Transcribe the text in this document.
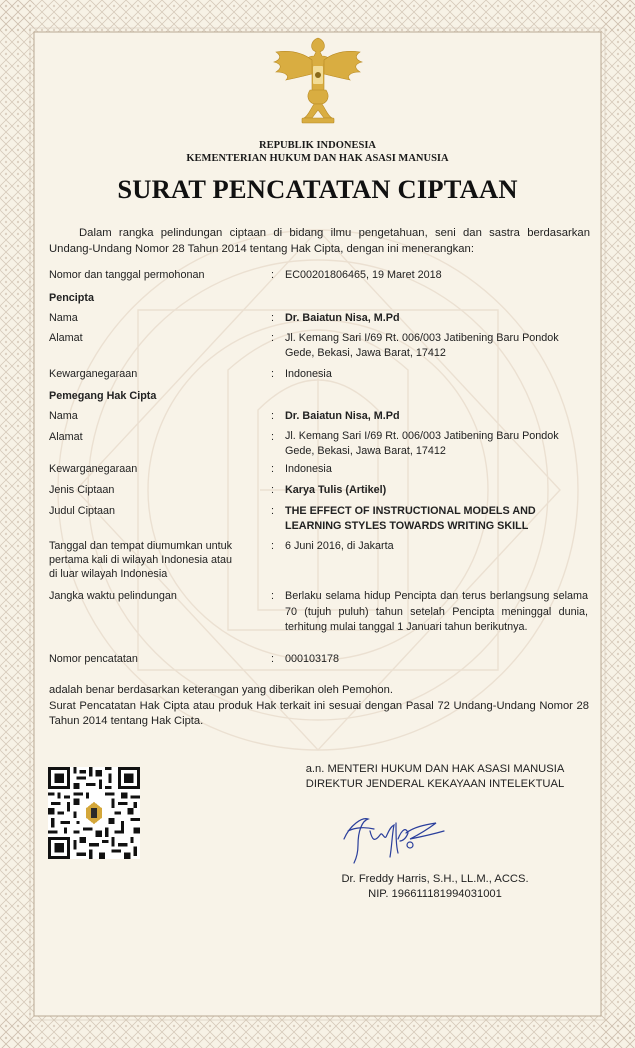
REPUBLIK INDONESIA
KEMENTERIAN HUKUM DAN HAK ASASI MANUSIA
SURAT PENCATATAN CIPTAAN
Dalam rangka pelindungan ciptaan di bidang ilmu pengetahuan, seni dan sastra berdasarkan Undang-Undang Nomor 28 Tahun 2014 tentang Hak Cipta, dengan ini menerangkan:
Nomor dan tanggal permohonan	: EC00201806465, 19 Maret 2018
Pencipta
Nama	: Dr. Baiatun Nisa, M.Pd
Alamat	: Jl. Kemang Sari I/69 Rt. 006/003 Jatibening Baru Pondok
Gede, Bekasi, Jawa Barat, 17412
Kewarganegaraan	: Indonesia
Pemegang Hak Cipta
Nama	: Dr. Baiatun Nisa, M.Pd
Alamat	: Jl. Kemang Sari I/69 Rt. 006/003 Jatibening Baru Pondok
Gede, Bekasi, Jawa Barat, 17412
Kewarganegaraan	: Indonesia
Jenis Ciptaan	: Karya Tulis (Artikel)
Judul Ciptaan	: THE EFFECT OF INSTRUCTIONAL MODELS AND
LEARNING STYLES TOWARDS WRITING SKILL
Tanggal dan tempat diumumkan untuk
pertama kali di wilayah Indonesia atau
di luar wilayah Indonesia
: 6 Juni 2016, di Jakarta
Jangka waktu pelindungan	: Berlaku selama hidup Pencipta dan terus berlangsung selama 70 (tujuh puluh) tahun setelah Pencipta meninggal dunia, terhitung mulai tanggal 1 Januari tahun berikutnya.
Nomor pencatatan	: 000103178
adalah benar berdasarkan keterangan yang diberikan oleh Pemohon.
Surat Pencatatan Hak Cipta atau produk Hak terkait ini sesuai dengan Pasal 72 Undang-Undang Nomor 28 Tahun 2014 tentang Hak Cipta.
a.n. MENTERI HUKUM DAN HAK ASASI MANUSIA
DIREKTUR JENDERAL KEKAYAAN INTELEKTUAL
Dr. Freddy Harris, S.H., LL.M., ACCS.
NIP. 196611181994031001
